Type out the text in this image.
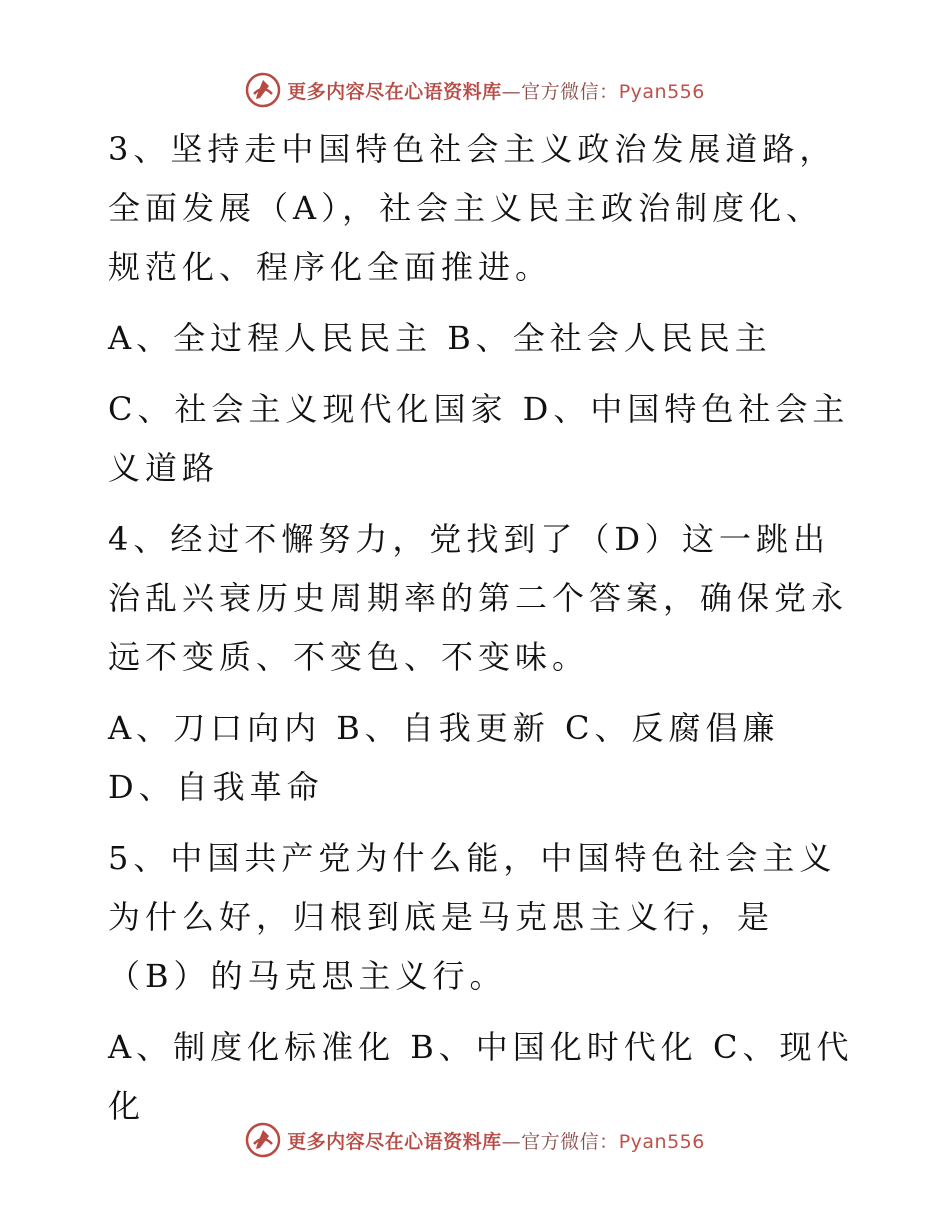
更多内容尽在心语资料库—官方微信：Pyan556

3、坚持走中国特色社会主义政治发展道路，全面发展（A），社会主义民主政治制度化、规范化、程序化全面推进。

A、全过程人民民主 B、全社会人民民主

C、社会主义现代化国家 D、中国特色社会主义道路

4、经过不懈努力，党找到了（D）这一跳出治乱兴衰历史周期率的第二个答案，确保党永远不变质、不变色、不变味。

A、刀口向内 B、自我更新 C、反腐倡廉 D、自我革命

5、中国共产党为什么能，中国特色社会主义为什么好，归根到底是马克思主义行，是（B）的马克思主义行。

A、制度化标准化 B、中国化时代化 C、现代化

更多内容尽在心语资料库—官方微信：Pyan556
